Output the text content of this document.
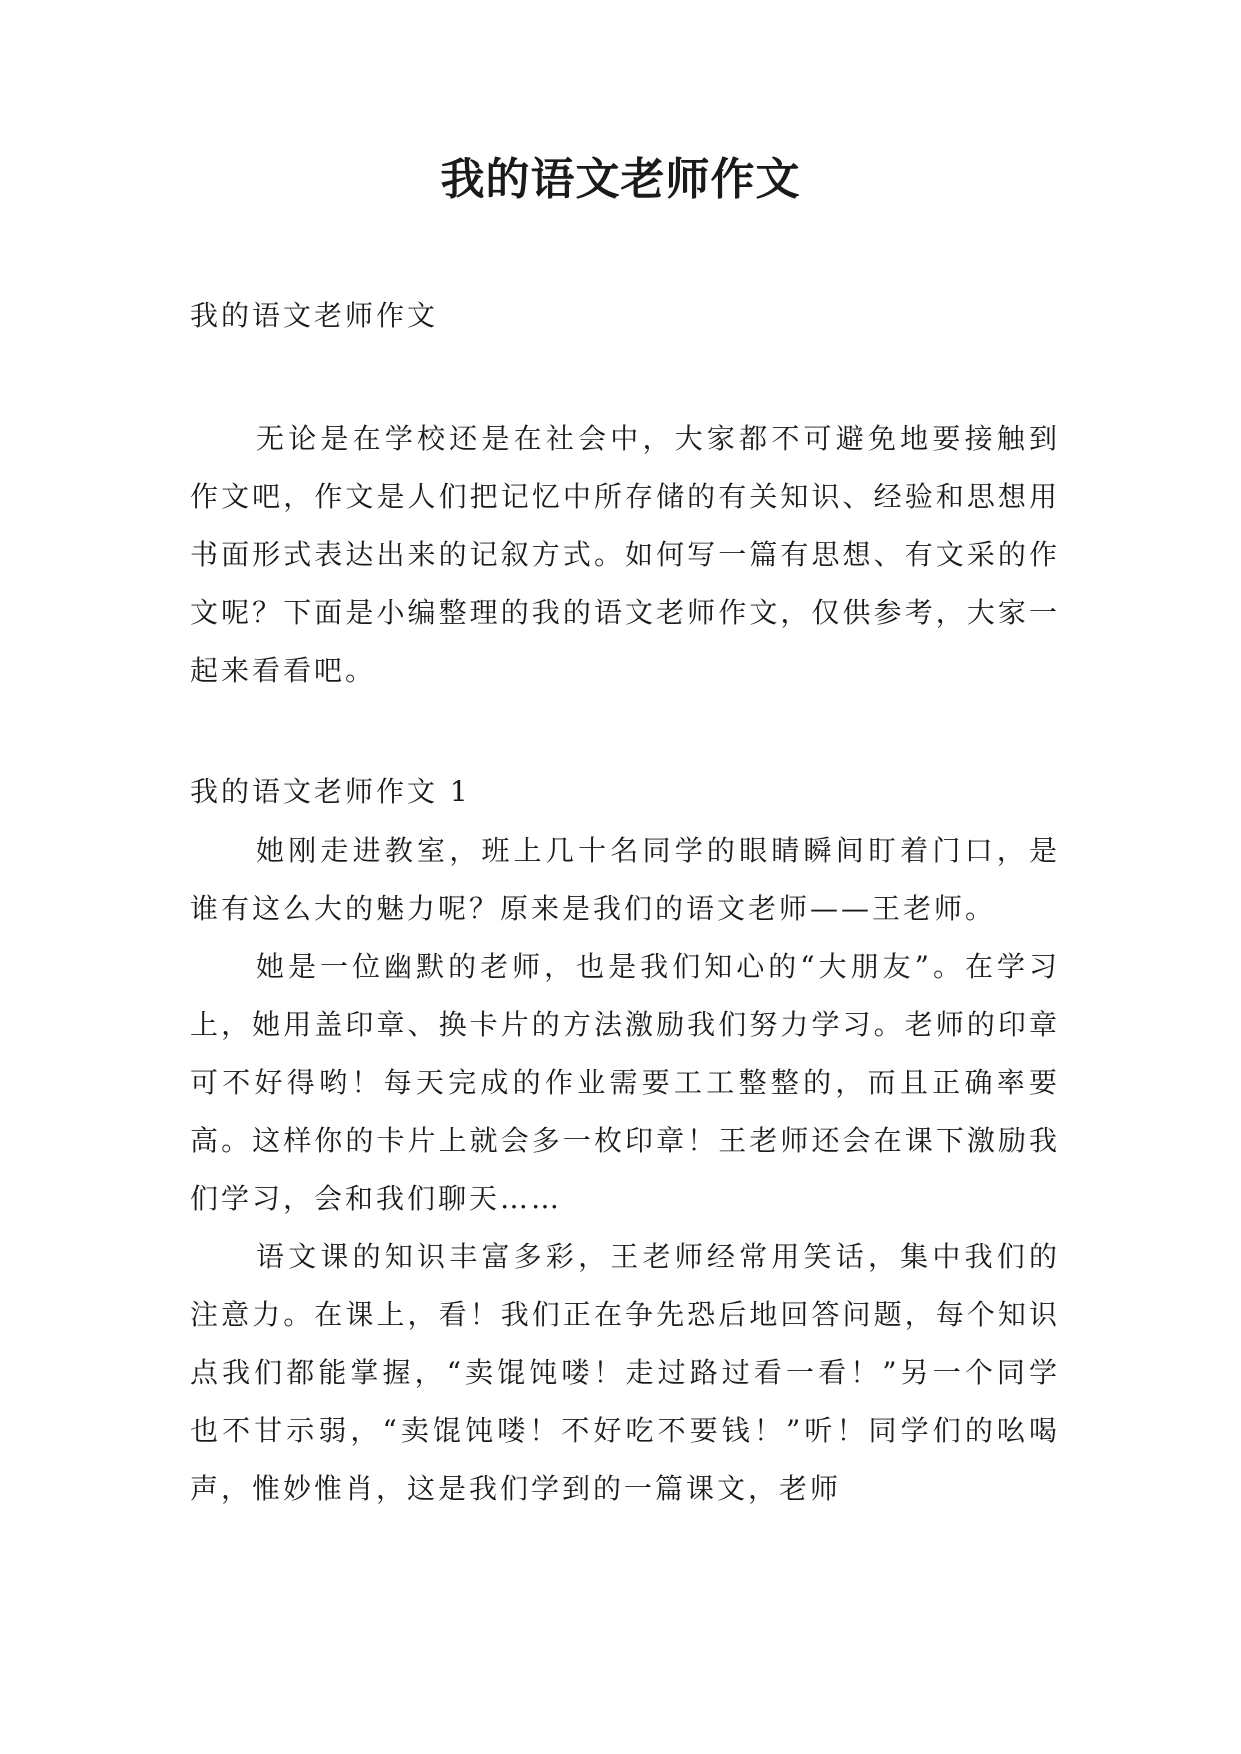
我的语文老师作文

我的语文老师作文

无论是在学校还是在社会中，大家都不可避免地要接触到作文吧，作文是人们把记忆中所存储的有关知识、经验和思想用书面形式表达出来的记叙方式。如何写一篇有思想、有文采的作文呢？下面是小编整理的我的语文老师作文，仅供参考，大家一起来看看吧。

我的语文老师作文 1

她刚走进教室，班上几十名同学的眼睛瞬间盯着门口，是谁有这么大的魅力呢？原来是我们的语文老师——王老师。

她是一位幽默的老师，也是我们知心的“大朋友”。在学习上，她用盖印章、换卡片的方法激励我们努力学习。老师的印章可不好得哟！每天完成的作业需要工工整整的，而且正确率要高。这样你的卡片上就会多一枚印章！王老师还会在课下激励我们学习，会和我们聊天……

语文课的知识丰富多彩，王老师经常用笑话，集中我们的注意力。在课上，看！我们正在争先恐后地回答问题，每个知识点我们都能掌握，“卖馄饨喽！走过路过看一看！”另一个同学也不甘示弱，“卖馄饨喽！不好吃不要钱！”听！同学们的吆喝声，惟妙惟肖，这是我们学到的一篇课文，老师
